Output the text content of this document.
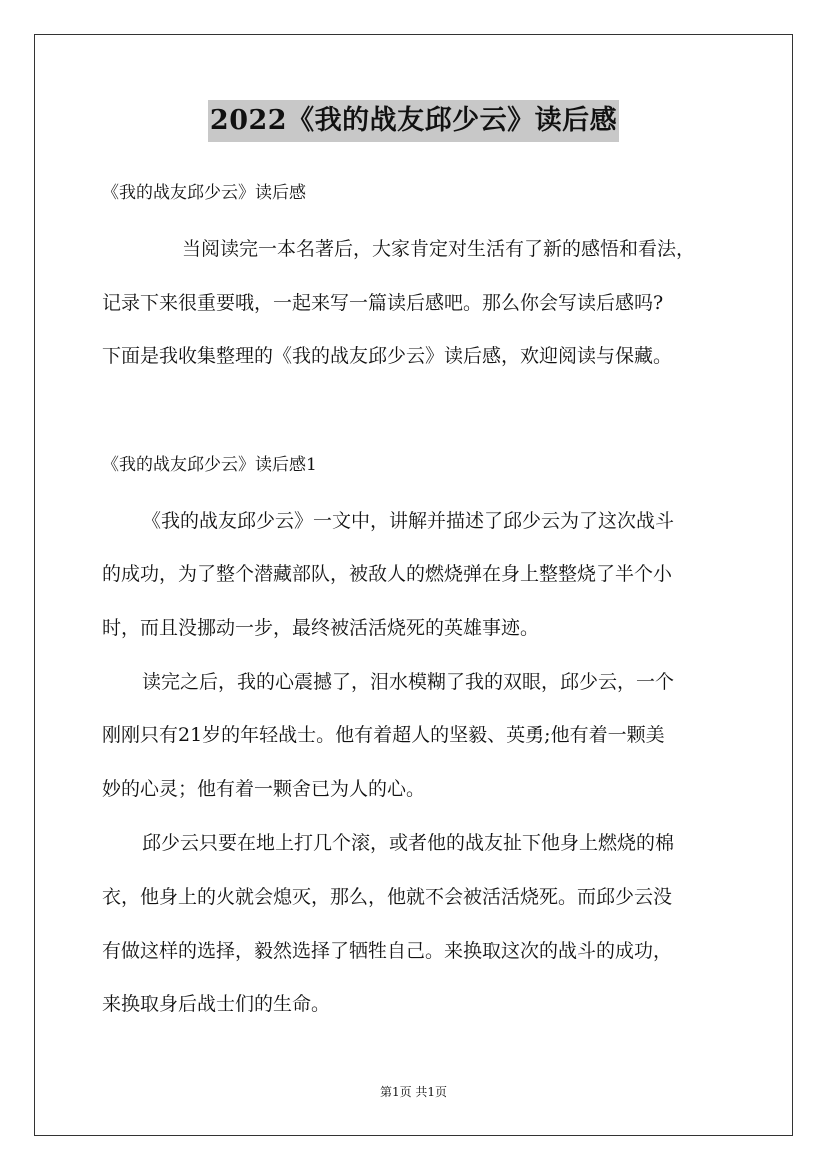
2022《我的战友邱少云》读后感
《我的战友邱少云》读后感
当阅读完一本名著后，大家肯定对生活有了新的感悟和看法，
记录下来很重要哦，一起来写一篇读后感吧。那么你会写读后感吗?
下面是我收集整理的《我的战友邱少云》读后感，欢迎阅读与保藏。
《我的战友邱少云》读后感1
《我的战友邱少云》一文中，讲解并描述了邱少云为了这次战斗
的成功，为了整个潜藏部队，被敌人的燃烧弹在身上整整烧了半个小
时，而且没挪动一步，最终被活活烧死的英雄事迹。
读完之后，我的心震撼了，泪水模糊了我的双眼，邱少云，一个
刚刚只有21岁的年轻战士。他有着超人的坚毅、英勇;他有着一颗美
妙的心灵；他有着一颗舍已为人的心。
邱少云只要在地上打几个滚，或者他的战友扯下他身上燃烧的棉
衣，他身上的火就会熄灭，那么，他就不会被活活烧死。而邱少云没
有做这样的选择，毅然选择了牺牲自己。来换取这次的战斗的成功，
来换取身后战士们的生命。
第1页 共1页
